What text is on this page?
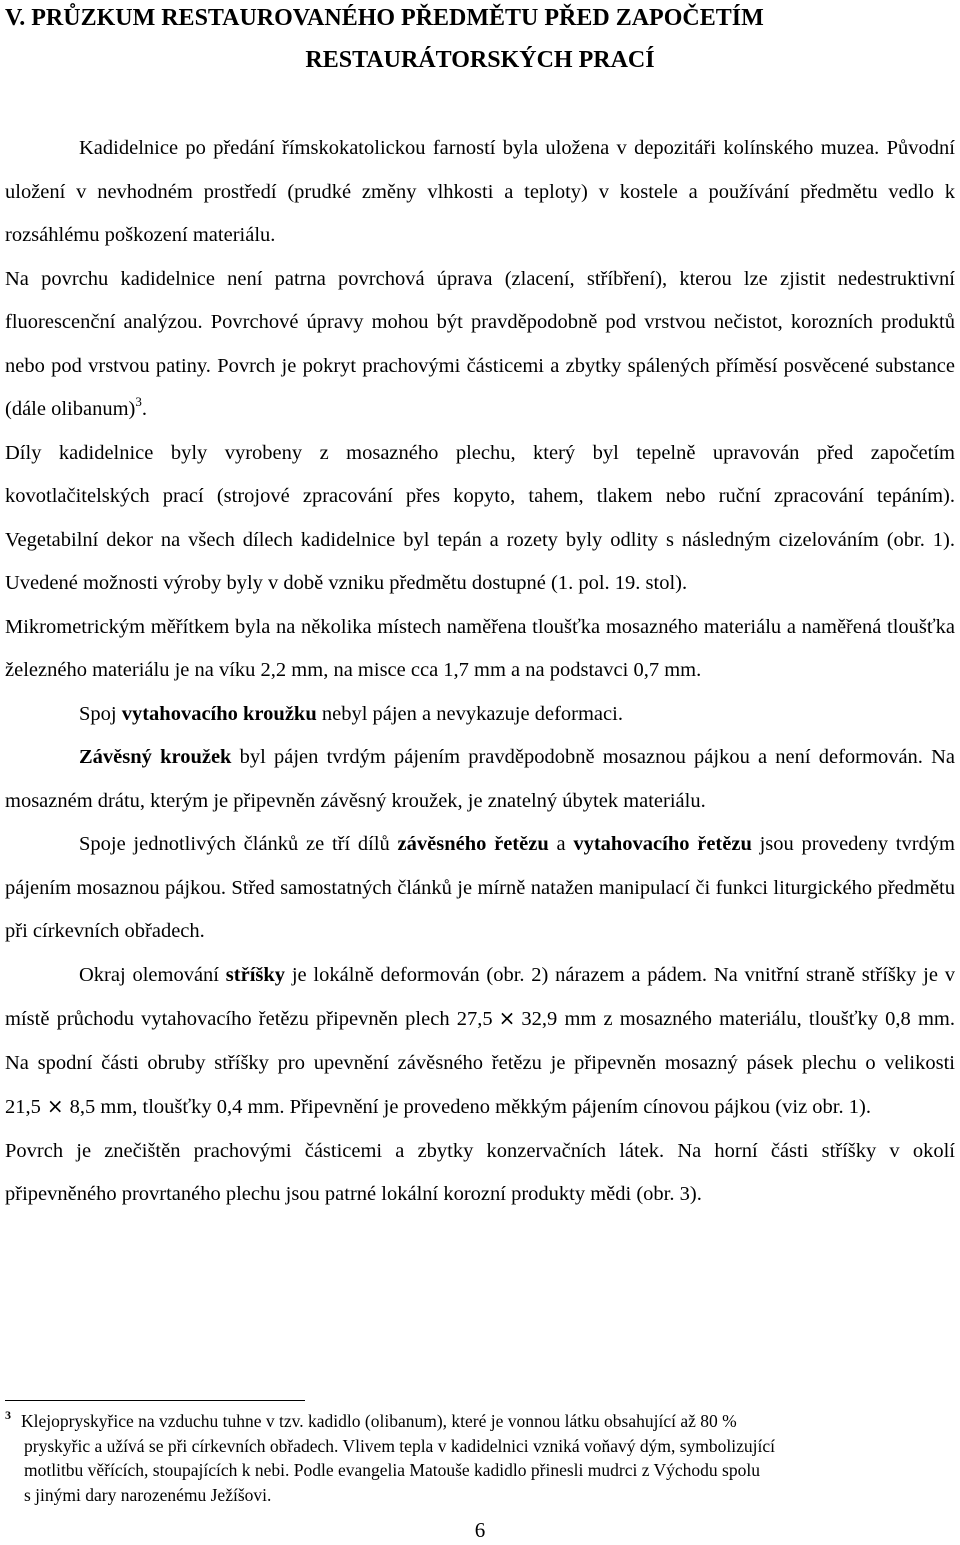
V. PRŮZKUM RESTAUROVANÉHO PŘEDMĚTU PŘED ZAPOČETÍM
RESTAURÁTORSKÝCH PRACÍ

Kadidelnice po předání římskokatolickou farností byla uložena v depozitáři kolínského muzea. Původní uložení v nevhodném prostředí (prudké změny vlhkosti a teploty) v kostele a používání předmětu vedlo k rozsáhlému poškození materiálu.

Na povrchu kadidelnice není patrna povrchová úprava (zlacení, stříbření), kterou lze zjistit nedestruktivní fluorescenční analýzou. Povrchové úpravy mohou být pravděpodobně pod vrstvou nečistot, korozních produktů nebo pod vrstvou patiny. Povrch je pokryt prachovými částicemi a zbytky spálených příměsí posvěcené substance (dále olibanum)$^3$.

Díly kadidelnice byly vyrobeny z mosazného plechu, který byl tepelně upravován před započetím kovotlačitelských prací (strojové zpracování přes kopyto, tahem, tlakem nebo ruční zpracování tepáním). Vegetabilní dekor na všech dílech kadidelnice byl tepán a rozety byly odlity s následným cizelováním (obr. 1). Uvedené možnosti výroby byly v době vzniku předmětu dostupné (1. pol. 19. stol).

Mikrometrickým měřítkem byla na několika místech naměřena tloušťka mosazného materiálu a naměřená tloušťka železného materiálu je na víku 2,2 mm, na misce cca 1,7 mm a na podstavci 0,7 mm.

Spoj vytahovacího kroužku nebyl pájen a nevykazuje deformaci.

Závěsný kroužek byl pájen tvrdým pájením pravděpodobně mosaznou pájkou a není deformován. Na mosazném drátu, kterým je připevněn závěsný kroužek, je znatelný úbytek materiálu.

Spoje jednotlivých článků ze tří dílů závěsného řetězu a vytahovacího řetězu jsou provedeny tvrdým pájením mosaznou pájkou. Střed samostatných článků je mírně natažen manipulací či funkci liturgického předmětu při církevních obřadech.

Okraj olemování stříšky je lokálně deformován (obr. 2) nárazem a pádem. Na vnitřní straně stříšky je v místě průchodu vytahovacího řetězu připevněn plech 27,5 × 32,9 mm z mosazného materiálu, tloušťky 0,8 mm. Na spodní části obruby stříšky pro upevnění závěsného řetězu je připevněn mosazný pásek plechu o velikosti 21,5 × 8,5 mm, tloušťky 0,4 mm. Připevnění je provedeno měkkým pájením cínovou pájkou (viz obr. 1).

Povrch je znečištěn prachovými částicemi a zbytky konzervačních látek. Na horní části stříšky v okolí připevněného provrtaného plechu jsou patrné lokální korozní produkty mědi (obr. 3).

3 Klejopryskyřice na vzduchu tuhne v tzv. kadidlo (olibanum), které je vonnou látku obsahující až 80 %
pryskyřic a užívá se při církevních obřadech. Vlivem tepla v kadidelnici vzniká voňavý dým, symbolizující
motlitbu věřících, stoupajících k nebi. Podle evangelia Matouše kadidlo přinesli mudrci z Východu spolu
s jinými dary narozenému Ježíšovi.
6
